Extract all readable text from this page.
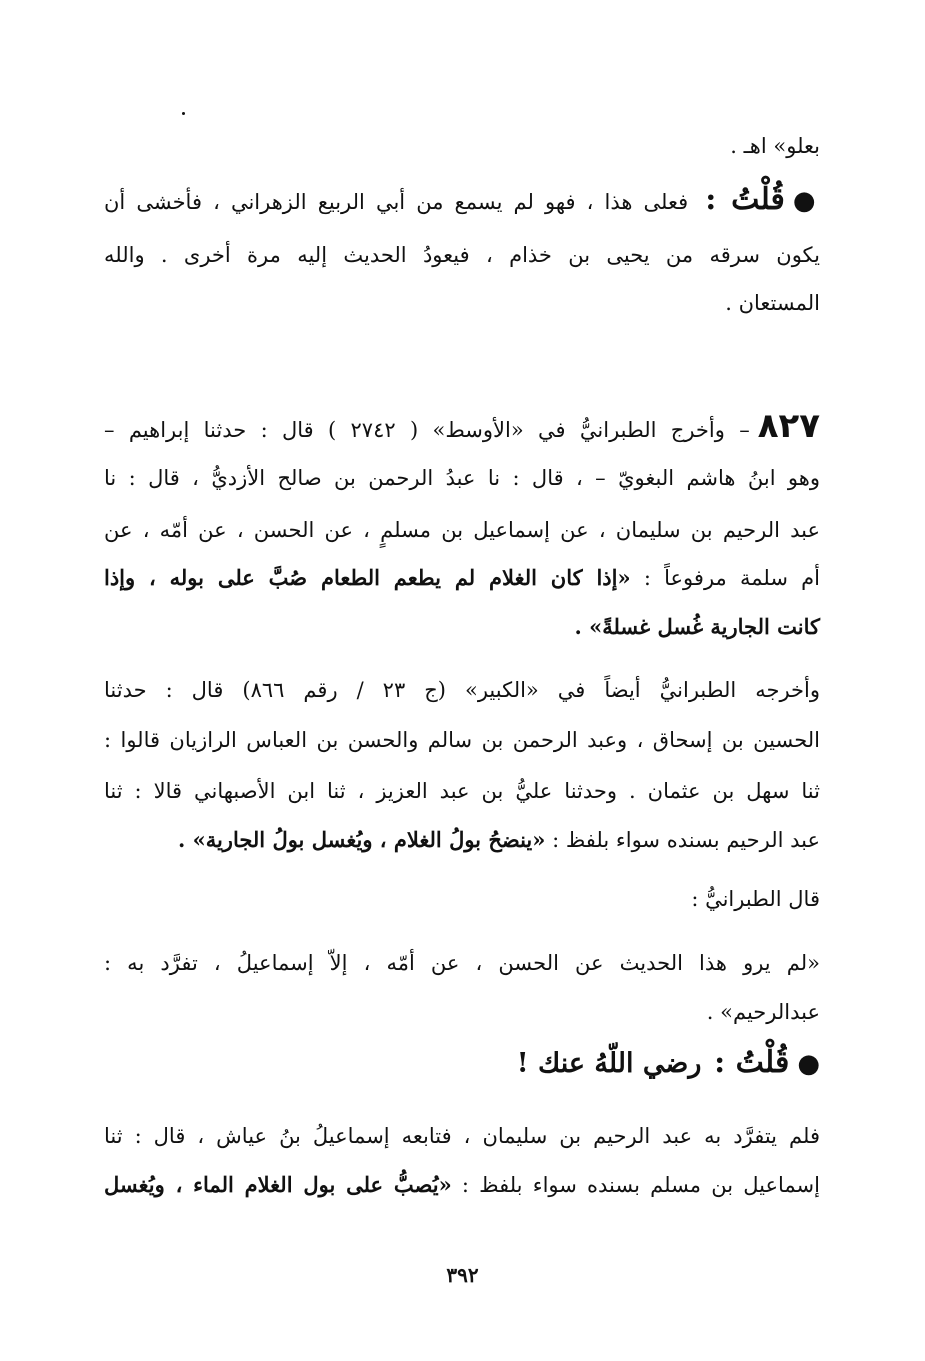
بعلو» اهـ .
●قُلْتُ : فعلى هذا ، فهو لم يسمع من أبي الربيع الزهراني ، فأخشى أن
يكون سرقه من يحيى بن خذام ، فيعودُ الحديث إليه مرة أخرى . والله
المستعان .
٨٢٧– وأخرج الطبرانيُّ في «الأوسط» ( ٢٧٤٢ ) قال : حدثنا إبراهيم –
وهو ابنُ هاشم البغويّ – ، قال : نا عبدُ الرحمن بن صالح الأزديُّ ، قال : نا
عبد الرحيم بن سليمان ، عن إسماعيل بن مسلمٍ ، عن الحسن ، عن أمّه ، عن
أم سلمة مرفوعاً : «إذا كان الغلام لم يطعم الطعام صُبَّ على بوله ، وإذا
كانت الجارية غُسل غسلةً» .
وأخرجه الطبرانيُّ أيضاً في «الكبير» (ج ٢٣ / رقم ٨٦٦) قال : حدثنا
الحسين بن إسحاق ، وعبد الرحمن بن سالم والحسن بن العباس الرازيان قالوا :
ثنا سهل بن عثمان . وحدثنا عليُّ بن عبد العزيز ، ثنا ابن الأصبهاني قالا : ثنا
عبد الرحيم بسنده سواء بلفظ : «ينضحُ بولُ الغلام ، ويُغسل بولُ الجارية» .
قال الطبرانيُّ :
«لم يرو هذا الحديث عن الحسن ، عن أمّه ، إلاّ إسماعيلُ ، تفرَّد به :
عبدالرحيم» .
●قُلْتُ : رضي اللّهُ عنك !
فلم يتفرَّد به عبد الرحيم بن سليمان ، فتابعه إسماعيلُ بنُ عياش ، قال : ثنا
إسماعيل بن مسلم بسنده سواء بلفظ : «يُصبُّ على بول الغلام الماء ، ويُغسل
٣٩٢
